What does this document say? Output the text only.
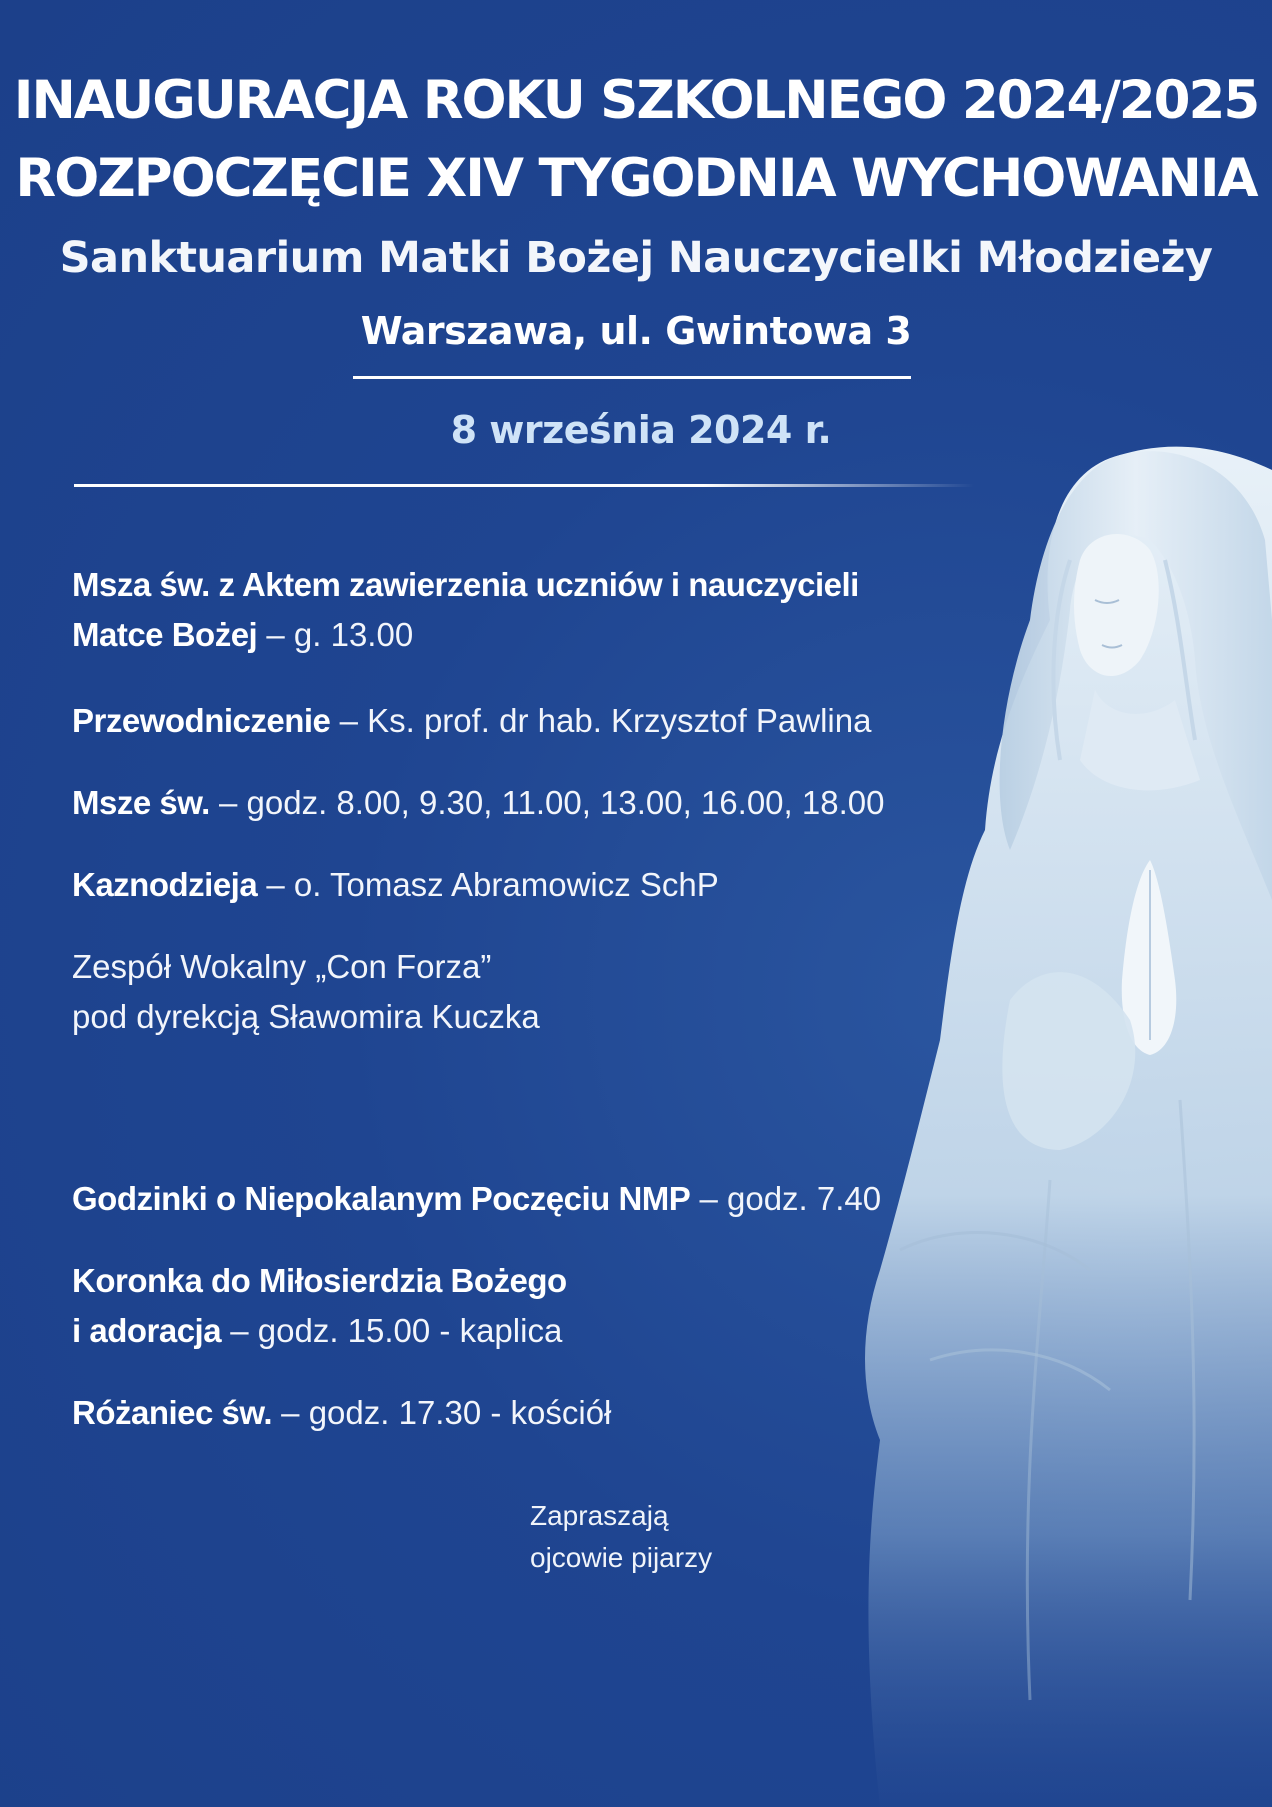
INAUGURACJA ROKU SZKOLNEGO 2024/2025
ROZPOCZĘCIE XIV TYGODNIA WYCHOWANIA
Sanktuarium Matki Bożej Nauczycielki Młodzieży
Warszawa, ul. Gwintowa 3
8 września 2024 r.
Msza św. z Aktem zawierzenia uczniów i nauczycieli
Matce Bożej – g. 13.00
Przewodniczenie – Ks. prof. dr hab. Krzysztof Pawlina
Msze św. – godz. 8.00, 9.30, 11.00, 13.00, 16.00, 18.00
Kaznodzieja – o. Tomasz Abramowicz SchP
Zespół Wokalny „Con Forza”
pod dyrekcją Sławomira Kuczka
Godzinki o Niepokalanym Poczęciu NMP – godz. 7.40
Koronka do Miłosierdzia Bożego
i adoracja – godz. 15.00 - kaplica
Różaniec św. – godz. 17.30 - kościół
Zapraszają
ojcowie pijarzy
